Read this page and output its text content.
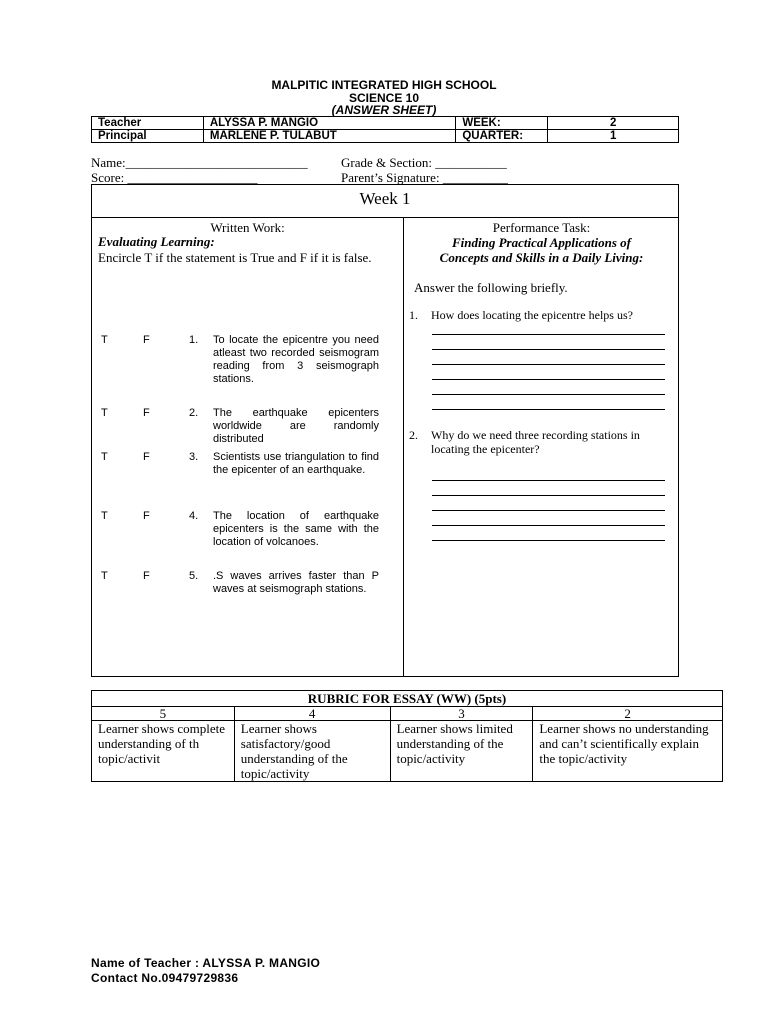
MALPITIC INTEGRATED HIGH SCHOOL
SCIENCE 10
(ANSWER SHEET)
Teacher	ALYSSA P. MANGIO	WEEK:	2
Principal	MARLENE P. TULABUT	QUARTER:	1
Name:____________________________	Grade & Section: ___________
Score: ____________________	Parent’s Signature: __________
Week 1
Written Work:
Evaluating Learning:
Encircle T if the statement is True and F if it is false.
T	F	1. To locate the epicentre you need atleast two recorded seismogram reading from 3 seismograph stations.
T	F	2. The earthquake epicenters worldwide are randomly distributed
T	F	3. Scientists use triangulation to find the epicenter of an earthquake.
T	F	4. The location of earthquake epicenters is the same with the location of volcanoes.
T	F	5. .S waves arrives faster than P waves at seismograph stations.
Performance Task:
Finding Practical Applications of
Concepts and Skills in a Daily Living:
Answer the following briefly.
1. How does locating the epicentre helps us?
2. Why do we need three recording stations in locating the epicenter?
RUBRIC FOR ESSAY (WW) (5pts)			
5	4	3	2
Learner shows complete understanding of th topic/activit	Learner shows satisfactory/good understanding of the topic/activity	Learner shows limited understanding of the topic/activity	Learner shows no understanding and can’t scientifically explain the topic/activity
Name of Teacher : ALYSSA P. MANGIO
Contact No.09479729836
